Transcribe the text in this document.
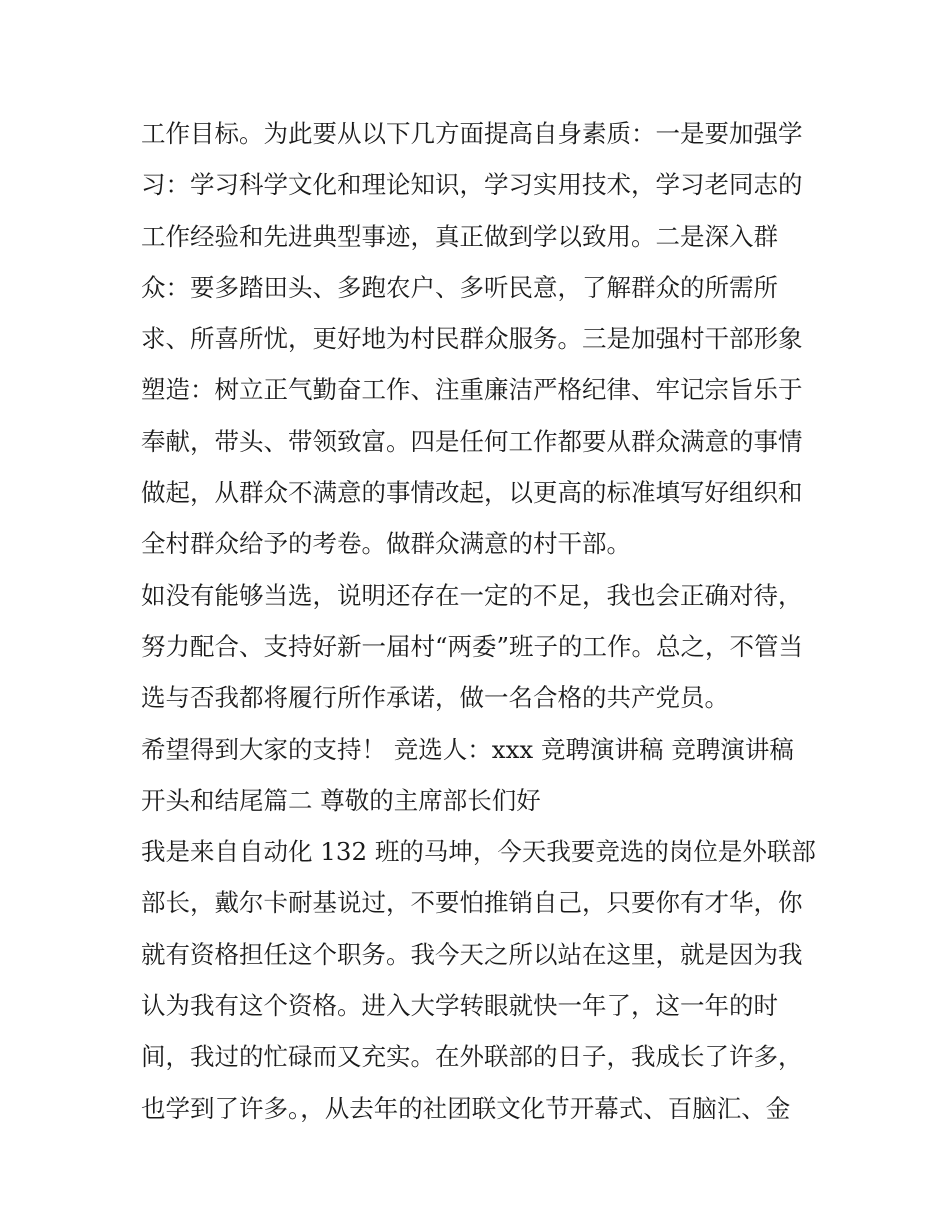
工作目标。为此要从以下几方面提高自身素质：一是要加强学
习：学习科学文化和理论知识，学习实用技术，学习老同志的
工作经验和先进典型事迹，真正做到学以致用。二是深入群
众：要多踏田头、多跑农户、多听民意，了解群众的所需所
求、所喜所忧，更好地为村民群众服务。三是加强村干部形象
塑造：树立正气勤奋工作、注重廉洁严格纪律、牢记宗旨乐于
奉献，带头、带领致富。四是任何工作都要从群众满意的事情
做起，从群众不满意的事情改起，以更高的标准填写好组织和
全村群众给予的考卷。做群众满意的村干部。
如没有能够当选，说明还存在一定的不足，我也会正确对待，
努力配合、支持好新一届村“两委”班子的工作。总之，不管当
选与否我都将履行所作承诺，做一名合格的共产党员。
希望得到大家的支持！ 竞选人：xxx 竞聘演讲稿 竞聘演讲稿
开头和结尾篇二 尊敬的主席部长们好
我是来自自动化 132 班的马坤，今天我要竞选的岗位是外联部
部长，戴尔卡耐基说过，不要怕推销自己，只要你有才华，你
就有资格担任这个职务。我今天之所以站在这里，就是因为我
认为我有这个资格。进入大学转眼就快一年了，这一年的时
间，我过的忙碌而又充实。在外联部的日子，我成长了许多，
也学到了许多。，从去年的社团联文化节开幕式、百脑汇、金
